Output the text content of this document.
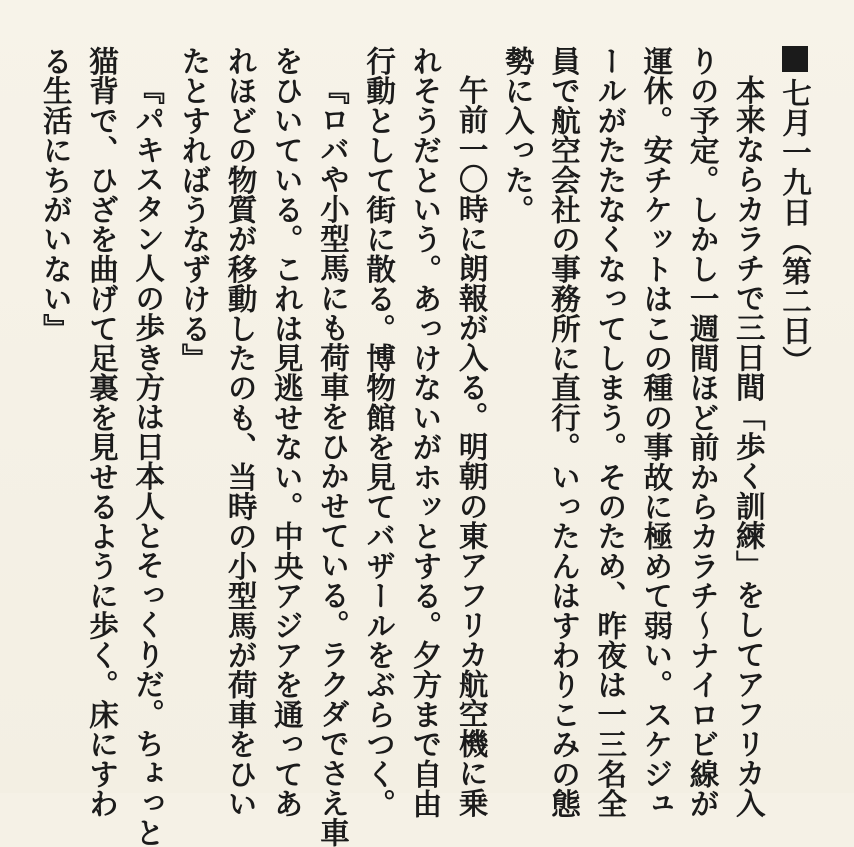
七月一九日（第二日）
本来ならカラチで三日間「歩く訓練」をしてアフリカ入
りの予定。しかし一週間ほど前からカラチ〜ナイロビ線が
運休。安チケットはこの種の事故に極めて弱い。スケジュ
ールがたたなくなってしまう。そのため、昨夜は一三名全
員で航空会社の事務所に直行。いったんはすわりこみの態
勢に入った。
午前一〇時に朗報が入る。明朝の東アフリカ航空機に乗
れそうだという。あっけないがホッとする。夕方まで自由
行動として街に散る。博物館を見てバザールをぶらつく。
『ロバや小型馬にも荷車をひかせている。ラクダでさえ車
をひいている。これは見逃せない。中央アジアを通ってあ
れほどの物質が移動したのも、当時の小型馬が荷車をひい
たとすればうなずける』
『パキスタン人の歩き方は日本人とそっくりだ。ちょっと
猫背で、ひざを曲げて足裏を見せるように歩く。床にすわ
る生活にちがいない』
